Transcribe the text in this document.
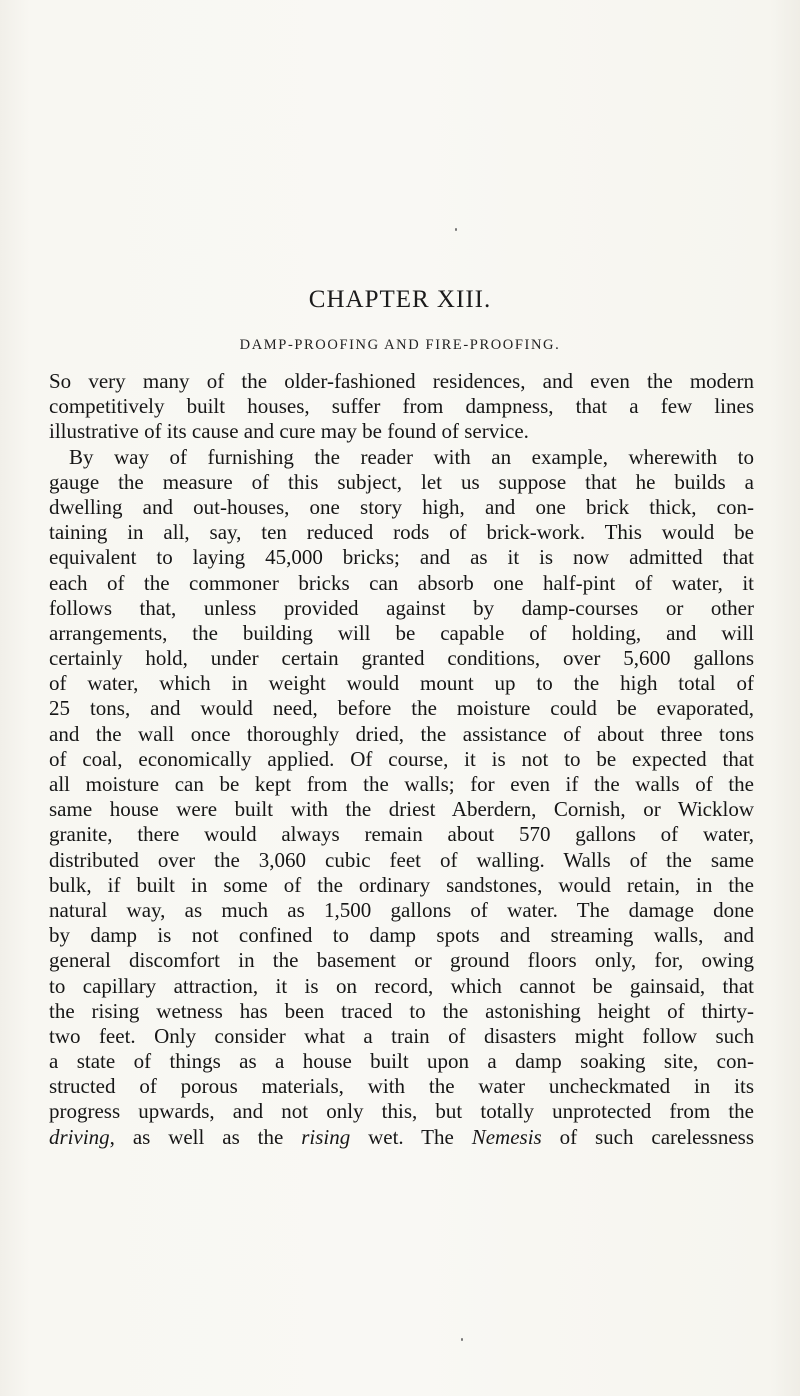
CHAPTER XIII.
DAMP-PROOFING AND FIRE-PROOFING.
So very many of the older-fashioned residences, and even the modern
competitively built houses, suffer from dampness, that a few lines
illustrative of its cause and cure may be found of service.
By way of furnishing the reader with an example, wherewith to
gauge the measure of this subject, let us suppose that he builds a
dwelling and out-houses, one story high, and one brick thick, con-
taining in all, say, ten reduced rods of brick-work. This would be
equivalent to laying 45,000 bricks; and as it is now admitted that
each of the commoner bricks can absorb one half-pint of water, it
follows that, unless provided against by damp-courses or other
arrangements, the building will be capable of holding, and will
certainly hold, under certain granted conditions, over 5,600 gallons
of water, which in weight would mount up to the high total of
25 tons, and would need, before the moisture could be evaporated,
and the wall once thoroughly dried, the assistance of about three tons
of coal, economically applied. Of course, it is not to be expected that
all moisture can be kept from the walls; for even if the walls of the
same house were built with the driest Aberdern, Cornish, or Wicklow
granite, there would always remain about 570 gallons of water,
distributed over the 3,060 cubic feet of walling. Walls of the same
bulk, if built in some of the ordinary sandstones, would retain, in the
natural way, as much as 1,500 gallons of water. The damage done
by damp is not confined to damp spots and streaming walls, and
general discomfort in the basement or ground floors only, for, owing
to capillary attraction, it is on record, which cannot be gainsaid, that
the rising wetness has been traced to the astonishing height of thirty-
two feet. Only consider what a train of disasters might follow such
a state of things as a house built upon a damp soaking site, con-
structed of porous materials, with the water uncheckmated in its
progress upwards, and not only this, but totally unprotected from the
driving, as well as the rising wet. The Nemesis of such carelessness
